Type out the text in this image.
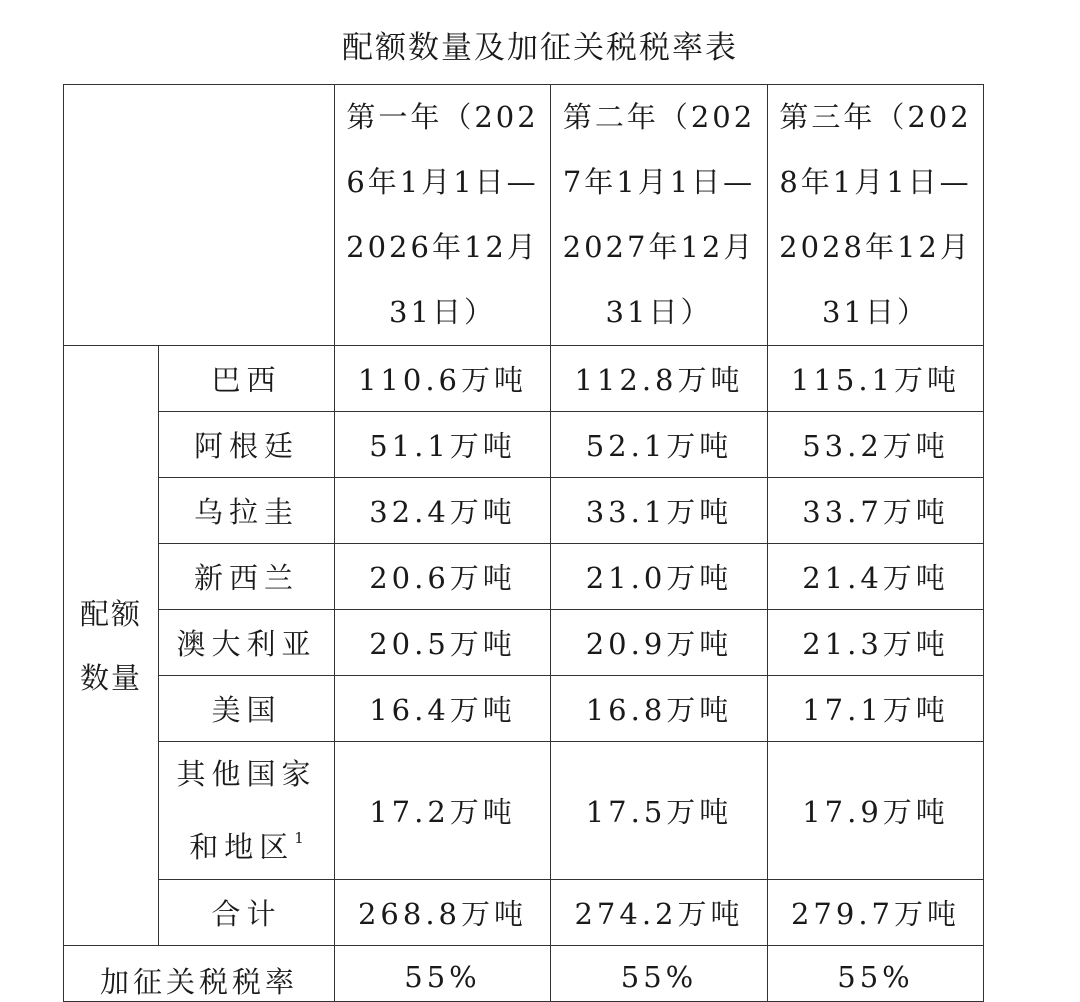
配额数量及加征关税税率表
		第一年（2026年1月1日—2026年12月31日）	第二年（2027年1月1日—2027年12月31日）	第三年（2028年1月1日—2028年12月31日）
配额数量	巴西	110.6万吨	112.8万吨	115.1万吨
	阿根廷	51.1万吨	52.1万吨	53.2万吨
	乌拉圭	32.4万吨	33.1万吨	33.7万吨
	新西兰	20.6万吨	21.0万吨	21.4万吨
	澳大利亚	20.5万吨	20.9万吨	21.3万吨
	美国	16.4万吨	16.8万吨	17.1万吨
	其他国家和地区$^1$	17.2万吨	17.5万吨	17.9万吨
	合计	268.8万吨	274.2万吨	279.7万吨
加征关税税率		55%	55%	55%
